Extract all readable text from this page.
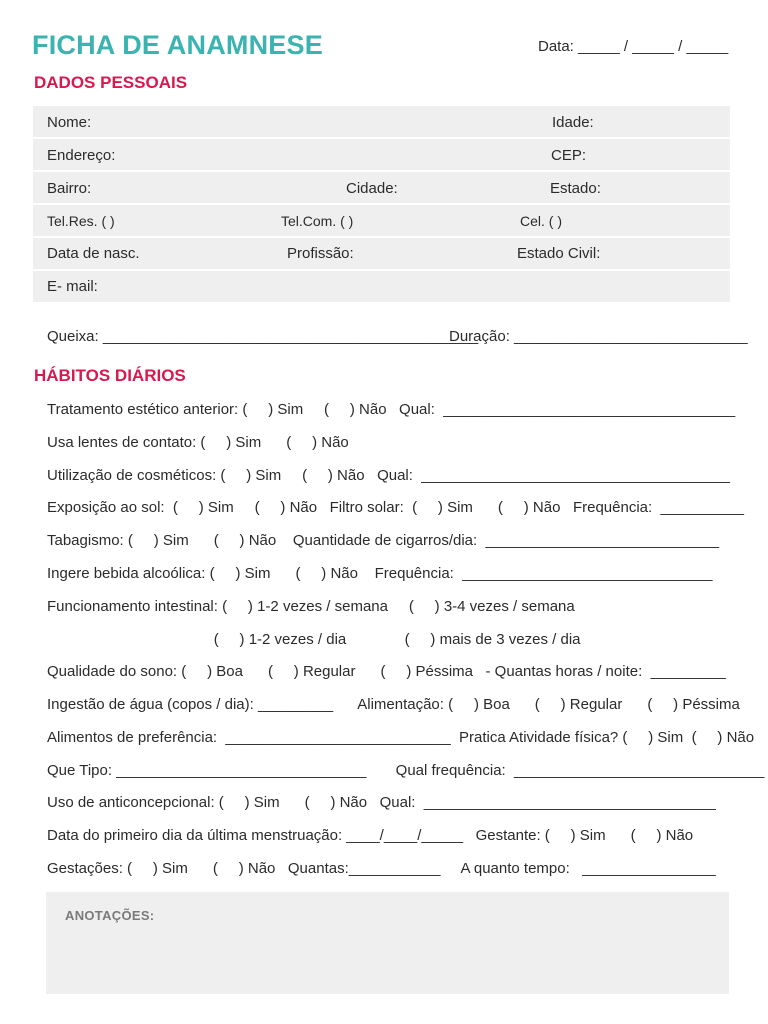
FICHA DE ANAMNESE	Data: _____ / _____ / _____
DADOS PESSOAIS
Nome:	Idade:
Endereço:	CEP:
Bairro:	Cidade:	Estado:
Tel.Res. ( )	Tel.Com. ( )	Cel. ( )
Data de nasc.	Profissão:	Estado Civil:
E- mail:
Queixa: _____________________________________________
Duração: ____________________________
HÁBITOS DIÁRIOS
Tratamento estético anterior: (     ) Sim     (     ) Não   Qual:  ___________________________________
Usa lentes de contato: (     ) Sim      (     ) Não
Utilização de cosméticos: (     ) Sim     (     ) Não   Qual:  _____________________________________
Exposição ao sol:  (     ) Sim     (     ) Não   Filtro solar:  (     ) Sim      (     ) Não   Frequência:  __________
Tabagismo: (     ) Sim      (     ) Não    Quantidade de cigarros/dia:  ____________________________
Ingere bebida alcoólica: (     ) Sim      (     ) Não    Frequência:  ______________________________
Funcionamento intestinal: (     ) 1-2 vezes / semana     (     ) 3-4 vezes / semana
(     ) 1-2 vezes / dia              (     ) mais de 3 vezes / dia
Qualidade do sono: (     ) Boa      (     ) Regular      (     ) Péssima   - Quantas horas / noite:  _________
Ingestão de água (copos / dia): _________      Alimentação: (     ) Boa      (     ) Regular      (     ) Péssima
Alimentos de preferência:  ___________________________  Pratica Atividade física? (     ) Sim  (     ) Não
Que Tipo: ______________________________       Qual frequência:  ______________________________
Uso de anticoncepcional: (     ) Sim      (     ) Não   Qual:  ___________________________________
Data do primeiro dia da última menstruação: ____/____/_____   Gestante: (     ) Sim      (     ) Não
Gestações: (     ) Sim      (     ) Não   Quantas:___________     A quanto tempo:   ________________
ANOTAÇÕES:
